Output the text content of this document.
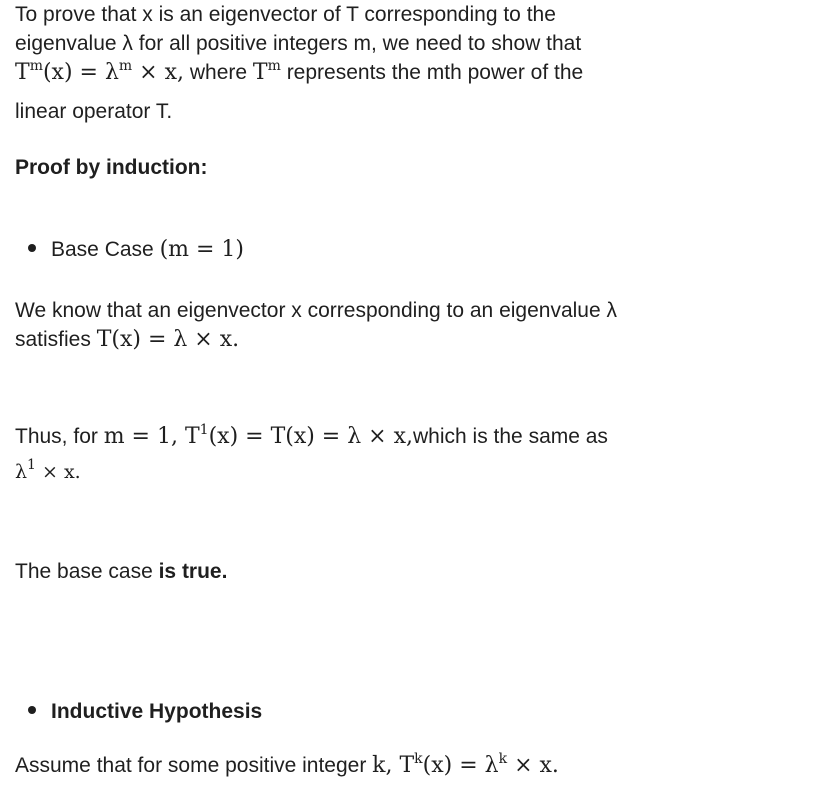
To prove that x is an eigenvector of T corresponding to the
eigenvalue λ for all positive integers m, we need to show that
$T^m(x) = \lambda^m \times x$, where $T^m$ represents the mth power of the
linear operator T.
Proof by induction:
Base Case (m = 1)
We know that an eigenvector x corresponding to an eigenvalue λ
satisfies T(x) = λ × x.
Thus, for m = 1, $T^1(x) = T(x) = \lambda$ × x,which is the same as
$\lambda^1 \times x$.
The base case is true.
Inductive Hypothesis
Assume that for some positive integer k, $T^k(x) = \lambda^k \times x$.
